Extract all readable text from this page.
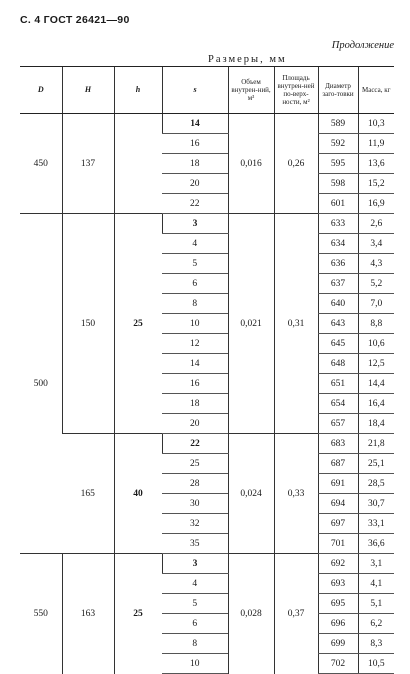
С. 4 ГОСТ 26421—90
Продолжение
Размеры, мм
D	H	h	s	Объем внутрен-ний, м³	Площадь внутрен-ней по-верх-ности, м²	Диаметр заго-товки	Масса, кг
450	137		14	0,016	0,26	589	10,3
			16			592	11,9
			18			595	13,6
			20			598	15,2
			22			601	16,9
500	150	25	3	0,021	0,31	633	2,6
			4			634	3,4
			5			636	4,3
			6			637	5,2
			8			640	7,0
			10			643	8,8
			12			645	10,6
			14			648	12,5
			16			651	14,4
			18			654	16,4
			20			657	18,4
	165	40	22	0,024	0,33	683	21,8
			25			687	25,1
			28			691	28,5
			30			694	30,7
			32			697	33,1
			35			701	36,6
550	163	25	3	0,028	0,37	692	3,1
			4			693	4,1
			5			695	5,1
			6			696	6,2
			8			699	8,3
			10			702	10,5
